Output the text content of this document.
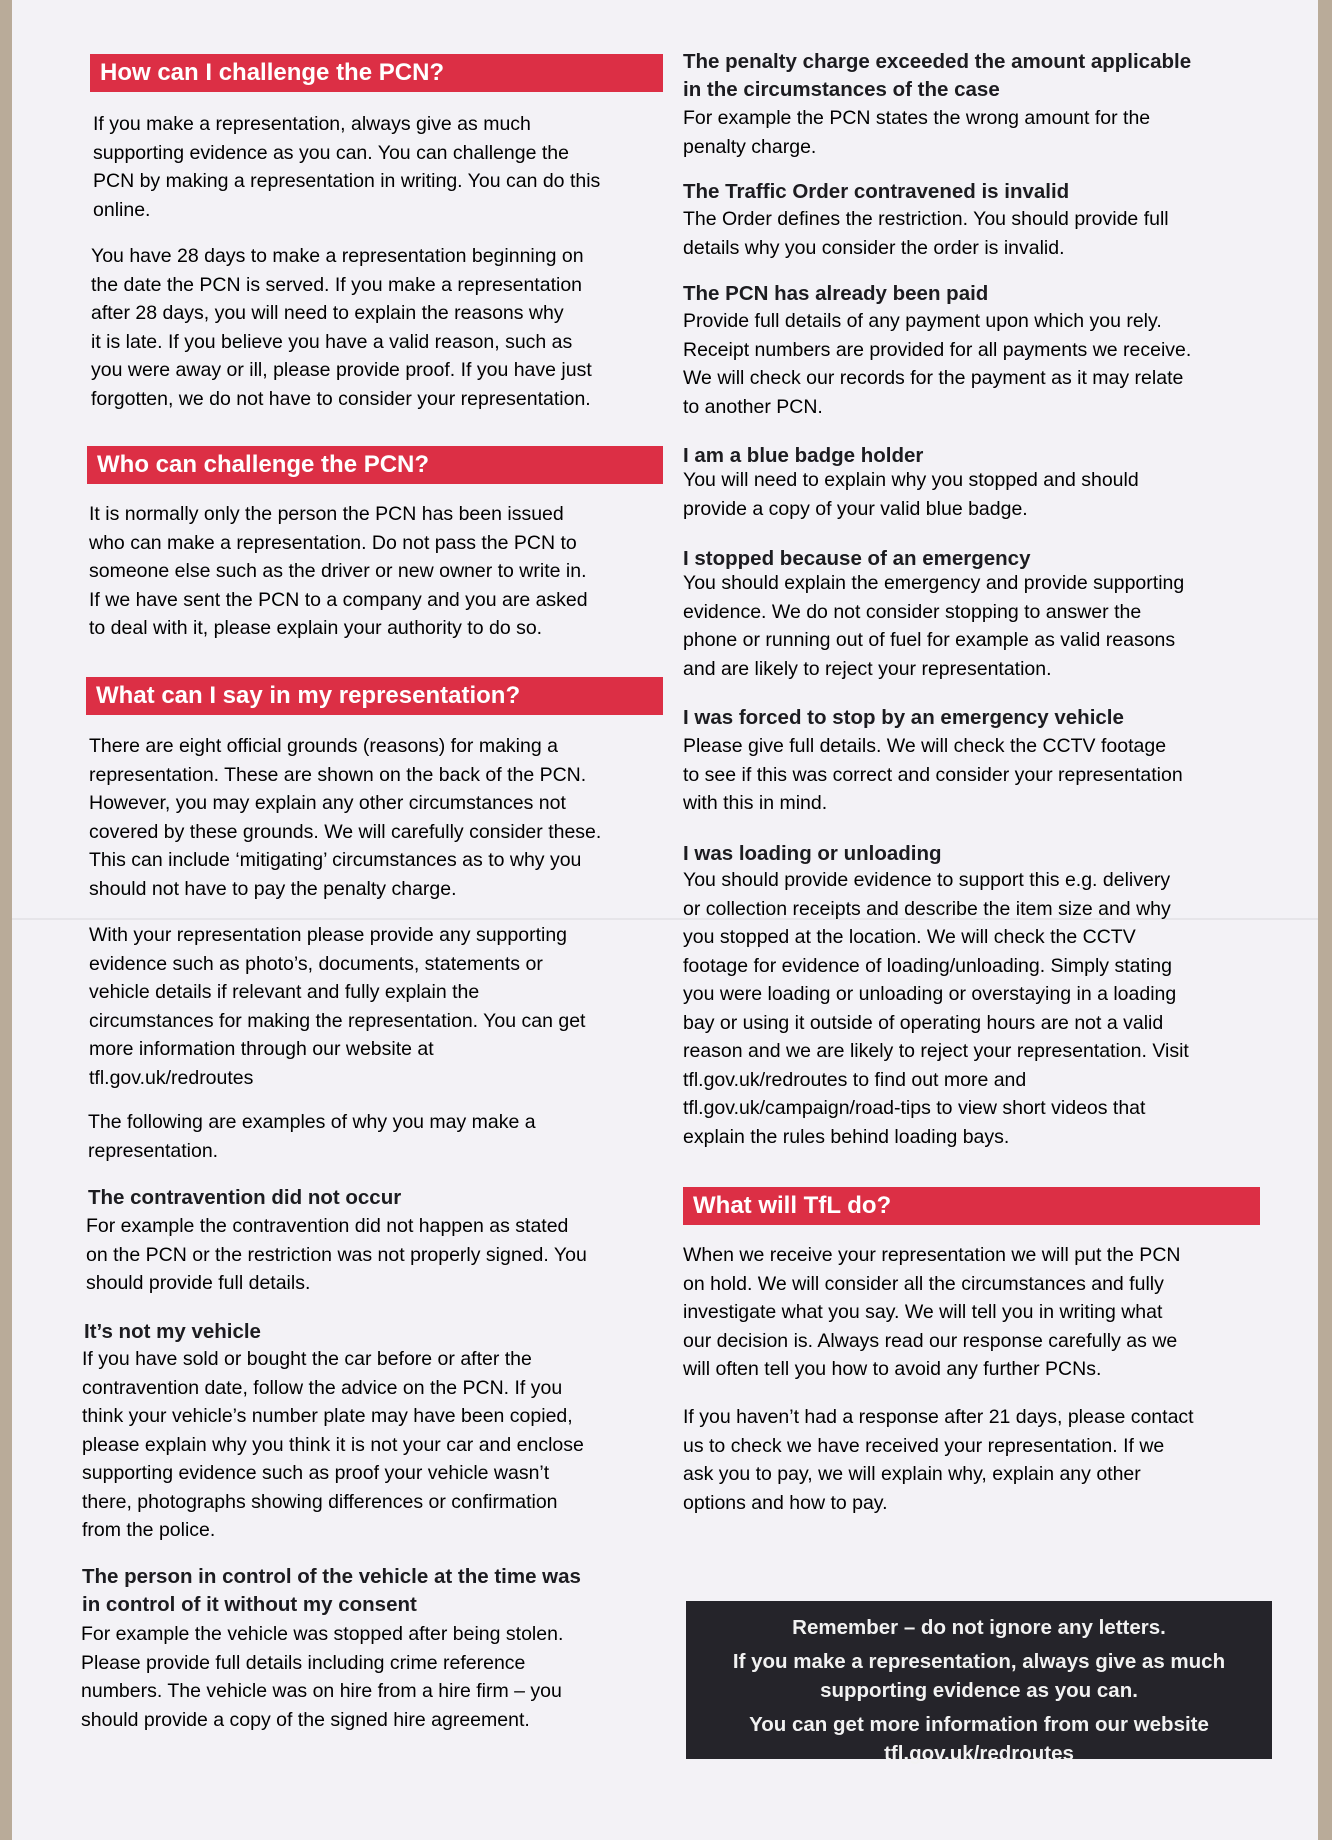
How can I challenge the PCN?

If you make a representation, always give as much
supporting evidence as you can. You can challenge the
PCN by making a representation in writing. You can do this
online.

You have 28 days to make a representation beginning on
the date the PCN is served. If you make a representation
after 28 days, you will need to explain the reasons why
it is late. If you believe you have a valid reason, such as
you were away or ill, please provide proof. If you have just
forgotten, we do not have to consider your representation.

Who can challenge the PCN?

It is normally only the person the PCN has been issued
who can make a representation. Do not pass the PCN to
someone else such as the driver or new owner to write in.
If we have sent the PCN to a company and you are asked
to deal with it, please explain your authority to do so.

What can I say in my representation?

There are eight official grounds (reasons) for making a
representation. These are shown on the back of the PCN.
However, you may explain any other circumstances not
covered by these grounds. We will carefully consider these.
This can include ‘mitigating’ circumstances as to why you
should not have to pay the penalty charge.

With your representation please provide any supporting
evidence such as photo’s, documents, statements or
vehicle details if relevant and fully explain the
circumstances for making the representation. You can get
more information through our website at
tfl.gov.uk/redroutes

The following are examples of why you may make a
representation.

The contravention did not occur

For example the contravention did not happen as stated
on the PCN or the restriction was not properly signed. You
should provide full details.

It’s not my vehicle

If you have sold or bought the car before or after the
contravention date, follow the advice on the PCN. If you
think your vehicle’s number plate may have been copied,
please explain why you think it is not your car and enclose
supporting evidence such as proof your vehicle wasn’t
there, photographs showing differences or confirmation
from the police.

The person in control of the vehicle at the time was
in control of it without my consent

For example the vehicle was stopped after being stolen.
Please provide full details including crime reference
numbers. The vehicle was on hire from a hire firm – you
should provide a copy of the signed hire agreement.

The penalty charge exceeded the amount applicable
in the circumstances of the case

For example the PCN states the wrong amount for the
penalty charge.

The Traffic Order contravened is invalid

The Order defines the restriction. You should provide full
details why you consider the order is invalid.

The PCN has already been paid

Provide full details of any payment upon which you rely.
Receipt numbers are provided for all payments we receive.
We will check our records for the payment as it may relate
to another PCN.

I am a blue badge holder

You will need to explain why you stopped and should
provide a copy of your valid blue badge.

I stopped because of an emergency

You should explain the emergency and provide supporting
evidence. We do not consider stopping to answer the
phone or running out of fuel for example as valid reasons
and are likely to reject your representation.

I was forced to stop by an emergency vehicle

Please give full details. We will check the CCTV footage
to see if this was correct and consider your representation
with this in mind.

I was loading or unloading

You should provide evidence to support this e.g. delivery
or collection receipts and describe the item size and why
you stopped at the location. We will check the CCTV
footage for evidence of loading/unloading. Simply stating
you were loading or unloading or overstaying in a loading
bay or using it outside of operating hours are not a valid
reason and we are likely to reject your representation. Visit
tfl.gov.uk/redroutes to find out more and
tfl.gov.uk/campaign/road-tips to view short videos that
explain the rules behind loading bays.

What will TfL do?

When we receive your representation we will put the PCN
on hold. We will consider all the circumstances and fully
investigate what you say. We will tell you in writing what
our decision is. Always read our response carefully as we
will often tell you how to avoid any further PCNs.

If you haven’t had a response after 21 days, please contact
us to check we have received your representation. If we
ask you to pay, we will explain why, explain any other
options and how to pay.

Remember – do not ignore any letters.
If you make a representation, always give as much
supporting evidence as you can.
You can get more information from our website
tfl.gov.uk/redroutes
